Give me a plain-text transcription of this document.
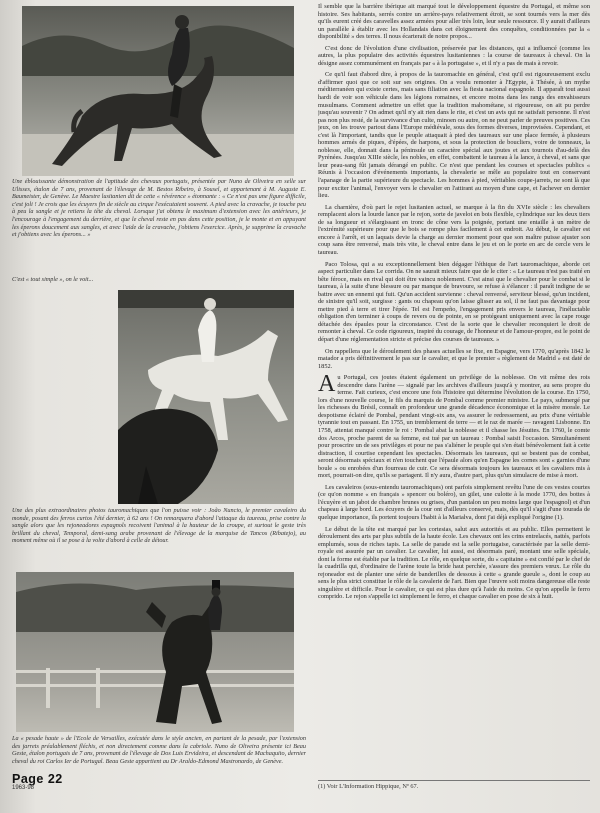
Une éblouissante démonstration de l'aptitude des chevaux portugais, présentée par Nuno de Oliveira en selle sur Ulisses, étalon de 7 ans, provenant de l'élevage de M. Bestos Ribeiro, à Sousel, et appartenant à M. Auguste E. Baumeister, de Genève. Le Maestre lusitanien dit de cette « révérence » étonnante : « Ce n'est pas une figure difficile, c'est joli ! Je crois que les écuyers fin de siècle au cirque l'exécutaient souvent. A pied avec la cravache, je touche peu à peu la sangle et je retiens la tête du cheval. Lorsque j'ai obtenu le maximum d'extension avec les antérieurs, je l'encourage à l'engagement du derrière, et que le cheval reste en pas dans cette position, je le monte et en appuyant les éperons doucement aux sangles, et avec l'aide de la cravache, j'obtiens l'exercice. Après, je supprime la cravache et j'obtiens avec les éperons... »

C'est « tout simple », on le voit...

Une des plus extraordinaires photos tauromachiques que l'on puisse voir : João Nuncio, le premier cavaleiro du monde, posant des ferros curtos l'été dernier, à 62 ans ! On remarquera d'abord l'attaque du taureau, prise contre la sangle alors que les rejoneadores espagnols recoivent l'animal à la hauteur de la croupe, et surtout le geste très brillant du cheval, Temporal, demi-sang arabe provenant de l'élevage de la marquise de Tancos (Ribatejo), au moment même où il se pose à la volte d'abord à celle de détour.

La « pesade haute » de l'Ecole de Versailles, exécutée dans le style ancien, en partant de la pesade, par l'extension des jarrets préalablement fléchis, et non directement comme dans la cabriole. Nuno de Oliveira présente ici Beau Geste, étalon portugais de 7 ans, provenant de l'élevage de Dos Luis Ervideira, et descendant de Machaquito, dernier cheval du roi Carlos Ier de Portugal. Beau Geste appartient au Dr Araldo-Edmond Mastronardo, de Genève.

Page 22
1963-98

Il semble que la barrière ibérique ait marqué tout le développement équestre du Portugal, et même son histoire. Ses habitants, serrés contre un arrière-pays relativement étroit, se sont tournés vers la mer dès qu'ils eurent créé des caravelles assez armées pour aller très loin, leur seule ressource. Il y aurait d'ailleurs un parallèle à établir avec les Hollandais dans cet éloignement des conquêtes, conditionnées par la « disponibilité » des terres. Il nous écarterait de notre propos...

C'est donc de l'évolution d'une civilisation, préservée par les distances, qui a influencé (comme les autres, la plus populaire des activités équestres lusitaniennes : la course de taureaux à cheval. On la désigne assez communément en français par « à la portugaise », et il n'y a pas de mais à revoir.

Ce qu'il faut d'abord dire, à propos de la tauromachie en général, c'est qu'il est rigoureusement exclu d'affirmer quoi que ce soit sur ses origines. On a voulu remonter à l'Egypte, à Thésée, à un mythe méditerranéen qui existe certes, mais sans filiation avec la fiesta nacional espagnole. Il apparaît tout aussi hardi de voir son véhicule dans les légions romaines, et encore moins dans les rangs des envahisseurs musulmans. Comment admettre un effet que la tradition mahométane, si rigoureuse, on ait pu perdre jusqu'au souvenir ? On admet qu'il n'y ait rien dans le rite, et c'est un avis qui ne satisfait personne. Il n'est pas non plus resté, de la survivance d'un culte, minoen ou autre, on ne peut parler de preuves positives. Ces jeux, on les trouve partout dans l'Europe médiévale, sous des formes diverses, improvisées. Cependant, et c'est là l'important, tandis que le peuple attaquait à pied des taureaux sur une place fermée, à plusieurs hommes armés de piques, d'épées, de harpons, et sous la protection de boucliers, voire de tonneaux, la noblesse, elle, donnait dans la péninsule un caractère spécial aux joutes et aux tournois d'au-delà des Pyrénées. Jusqu'au XIIIe siècle, les nobles, en effet, combattent le taureau à la lance, à cheval, et sans que leur peau-sang fût jamais dérangé en public. Ce n'est que pendant les courses et spectacles publics « Réunis à l'occasion d'événements importants, la chevalerie se mêle au populaire tout en conservant l'apanage de la partie supérieure du spectacle. Les hommes à pied, véritables coupe-jarrets, ne sont là que pour exciter l'animal, l'envoyer vers le chevalier en l'attirant au moyen d'une cape, et l'achever en dernier lieu.

La charnière, d'où part le rejet lusitanien actuel, se marque à la fin du XVIe siècle : les chevaliers remplacent alors la lourde lance par le rejon, sorte de javelot en bois flexible, cylindrique sur les deux tiers de sa longueur et s'élargissant en tronc de cône vers la poignée, portant une entaille à un mètre de l'extrémité supérieure pour que le bois se rompe plus facilement à cet endroit. Au début, le cavalier est encore à l'arrêt, et un laquais devie la charge au dernier moment pour que son maître puisse ajuster son coup sans être renversé, mais très vite, le cheval entre dans le jeu et on le porte en arc de cercle vers le taureau.

Paco Tolosa, qui a su exceptionnellement bien dégager l'éthique de l'art tauromachique, aborde cet aspect particulier dans Le corrida. On ne saurait mieux faire que de le citer : « Le taureau n'est pas traité en bête féroce, mais en rival qui doit être vaincu noblement. C'est ainsi que le chevalier pour le combat si le taureau, à la suite d'une blessure ou par manque de bravoure, se refuse à s'élancer : il paraît indigne de se battre avec un ennemi qui fuit. Qu'un accident survienne : cheval renversé, serviteur blessé, qu'un incident, de sinistre qu'il soit, surgisse : gants ou chapeau qu'on laisse glisser au sol, il ne faut pas davantage pour mettre pied à terre et tirer l'épée. Tel est l'empeño, l'engagement pris envers le taureau, l'inéluctable obligation d'en terminer à coups de revers ou de pointe, en se protégeant uniquement avec la cape rouge détachée des épaules pour la circonstance. C'est de la sorte que le chevalier reconquiert le droit de remonter à cheval. Ce code rigoureux, inspiré du courage, de l'honneur et de l'amour-propre, est le point de départ d'une réglementation stricte et précise des courses de taureaux. »

On rappellera que le déroulement des phases actuelles se fixe, en Espagne, vers 1770, qu'après 1842 le matador a pris définitivement le pas sur le cavalier, et que le premier « règlement de Madrid » est daté de 1852.

Au Portugal, ces joutes étaient également un privilège de la noblesse. On vit même des rois descendre dans l'arène — signalé par les archives d'ailleurs jusqu'à y montrer, au sens propre du terme. Fait curieux, c'est encore une fois l'histoire qui détermine l'évolution de la course. En 1750, lors d'une nouvelle course, le fils du marquis de Pombal comme premier ministre. Le pays, submergé par les richesses du Brésil, connaît en profondeur une grande décadence économique et la misère morale. Le despotisme éclairé de Pombal, pendant vingt-six ans, va assurer le redressement, au prix d'une véritable tyrannie tout en passant. En 1755, un tremblement de terre — et le raz de marée — ravagent Lisbonne. En 1758, attentat manqué contre le roi : Pombal abat la noblesse et il chasse les Jésuites. En 1760, le comte dos Arcos, proche parent de sa femme, est tué par un taureau : Pombal saisit l'occasion. Simultanément pour proscrire un de ses privilèges et pour ne pas s'aliéner le peuple qui s'en était bénévolement fait à cette distraction, il courtise cependant les spectacles. Désormais les taureaux, qui se bestent pas de combat, seront désormais spéciaux et n'en touchent que l'épaule alors qu'en Espagne les cornes sont « garnies d'une boule » ou enrobées d'un fourreau de cuir. Ce sera désormais toujours les taureaux et les cavaliers mis à mort, pourrait-on dire, qu'ils se partagent. Il n'y aura, d'autre part, plus qu'un simulacre de mise à mort.

Les cavaleiros (sous-entendu tauromachiques) ont parfois simplement revêtu l'une de ces vestes courtes (ce qu'on nomme « en français » spencer ou boléro), un gilet, une culotte à la mode 1770, des bottes à l'écuyère et un jabot de chambre brunes ou grises, d'un pantalon un peu moins large que l'espagnol) et d'un chapeau à large bord. Les écuyers de la cour ont d'ailleurs conservé, mais, dès qu'il s'agit d'une tourada de quelque importance, ils portent toujours l'habit à la Marialva, dont j'ai déjà expliqué l'origine (1).

Le début de la tête est marqué par les cortesias, salut aux autorités et au public. Elles permettent le déroulement des arts par plus subtils de la haute école. Les chevaux ont les crins entrelacés, nattés, parfois emplumés, sous de riches tapis. La selle de parade est la selle portugaise, caractérisée par la selle demi-royale est assurée par un cavalier. Le cavalier, lui aussi, est désormais paré, montant une selle spéciale, dont la forme est établie par la tradition. Le rôle, en quelque sorte, du « capitaine » est confié par le chef de la cuadrilla qui, d'ordinaire de l'arène toute la bride haut perchée, s'assure des premiers vœux. Le rôle du rejoneador est de planter une série de banderilles de dessous à cette « grande gueule », dont le coup au sens le plus strict constitue le rôle de la cavalerie de l'art. Bien que l'œuvre soit moins dangereuse elle reste singulière et difficile. Pour le cavalier, ce qui est plus dure qu'à l'aide du moins. Ce qu'on appelle le ferro comprido. Le rejon s'appelle ici simplement le ferro, et chaque cavalier en pose de six à huit.

(1) Voir L'Information Hippique, Nº 67.
